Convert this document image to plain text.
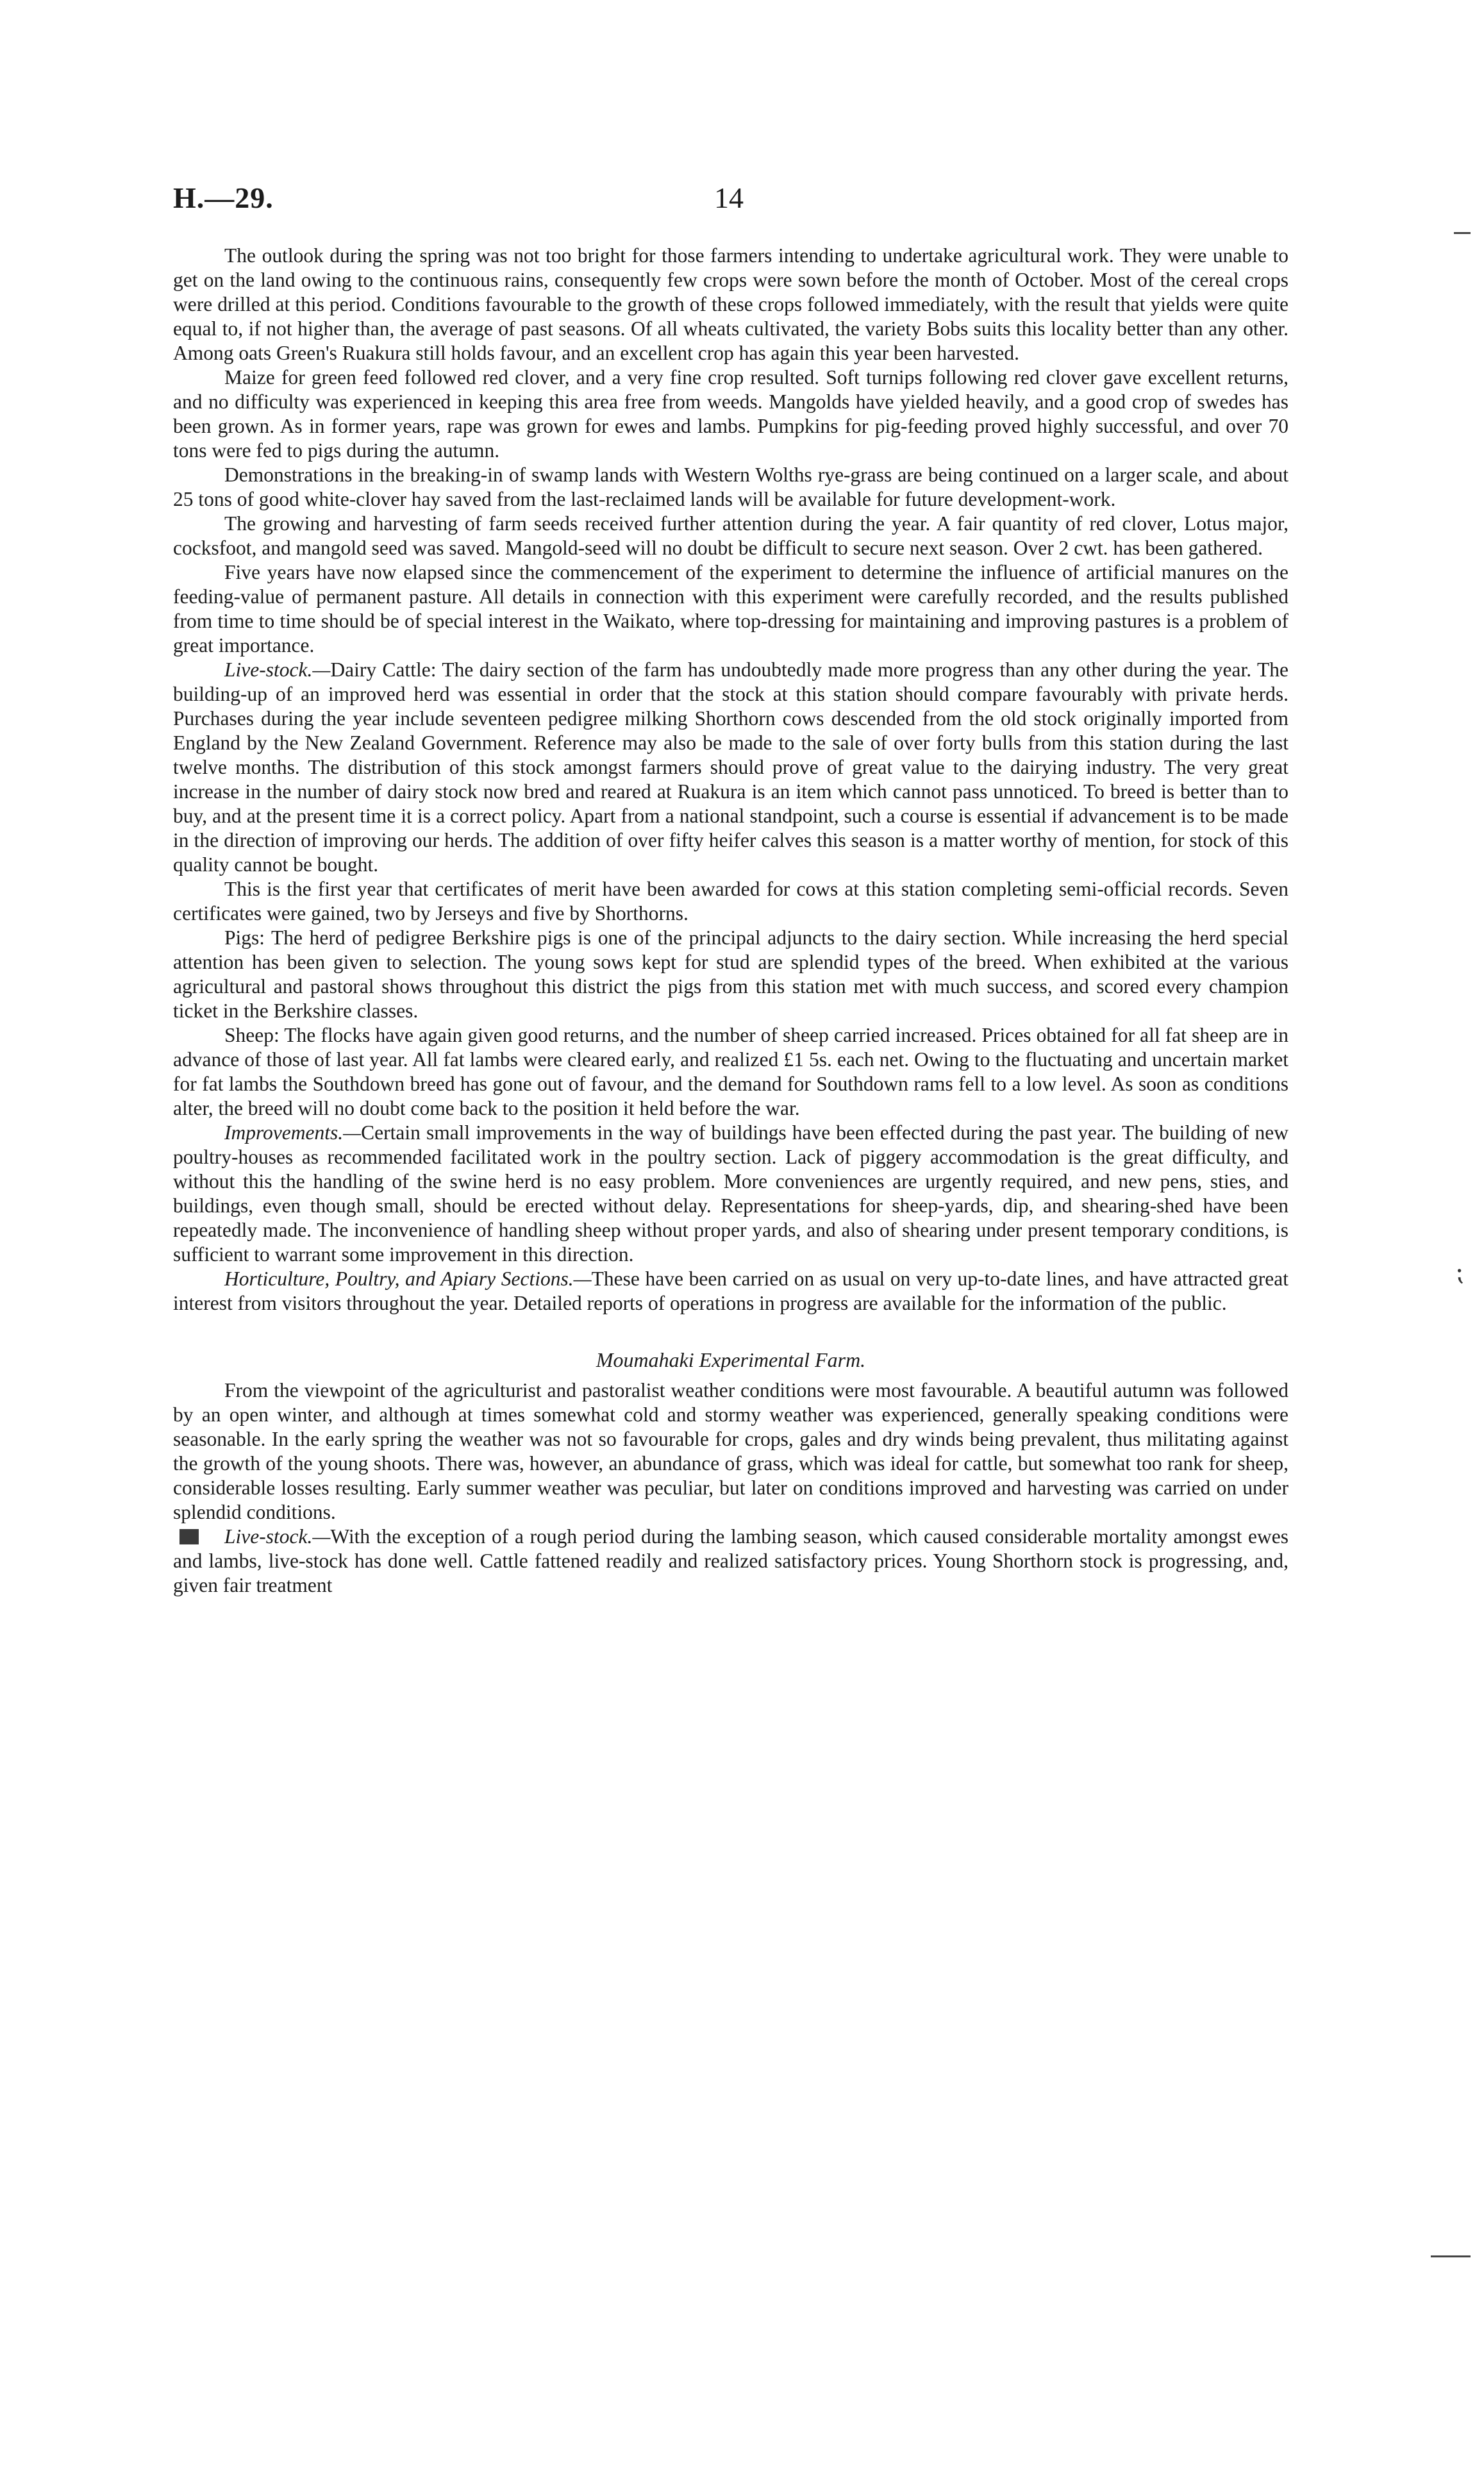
H.—29.	14

The outlook during the spring was not too bright for those farmers intending to undertake agricultural work. They were unable to get on the land owing to the continuous rains, consequently few crops were sown before the month of October. Most of the cereal crops were drilled at this period. Conditions favourable to the growth of these crops followed immediately, with the result that yields were quite equal to, if not higher than, the average of past seasons. Of all wheats cultivated, the variety Bobs suits this locality better than any other. Among oats Green's Ruakura still holds favour, and an excellent crop has again this year been harvested.

Maize for green feed followed red clover, and a very fine crop resulted. Soft turnips following red clover gave excellent returns, and no difficulty was experienced in keeping this area free from weeds. Mangolds have yielded heavily, and a good crop of swedes has been grown. As in former years, rape was grown for ewes and lambs. Pumpkins for pig-feeding proved highly successful, and over 70 tons were fed to pigs during the autumn.

Demonstrations in the breaking-in of swamp lands with Western Wolths rye-grass are being continued on a larger scale, and about 25 tons of good white-clover hay saved from the last-reclaimed lands will be available for future development-work.

The growing and harvesting of farm seeds received further attention during the year. A fair quantity of red clover, Lotus major, cocksfoot, and mangold seed was saved. Mangold-seed will no doubt be difficult to secure next season. Over 2 cwt. has been gathered.

Five years have now elapsed since the commencement of the experiment to determine the influence of artificial manures on the feeding-value of permanent pasture. All details in connection with this experiment were carefully recorded, and the results published from time to time should be of special interest in the Waikato, where top-dressing for maintaining and improving pastures is a problem of great importance.

Live-stock.—Dairy Cattle: The dairy section of the farm has undoubtedly made more progress than any other during the year. The building-up of an improved herd was essential in order that the stock at this station should compare favourably with private herds. Purchases during the year include seventeen pedigree milking Shorthorn cows descended from the old stock originally imported from England by the New Zealand Government. Reference may also be made to the sale of over forty bulls from this station during the last twelve months. The distribution of this stock amongst farmers should prove of great value to the dairying industry. The very great increase in the number of dairy stock now bred and reared at Ruakura is an item which cannot pass unnoticed. To breed is better than to buy, and at the present time it is a correct policy. Apart from a national standpoint, such a course is essential if advancement is to be made in the direction of improving our herds. The addition of over fifty heifer calves this season is a matter worthy of mention, for stock of this quality cannot be bought.

This is the first year that certificates of merit have been awarded for cows at this station completing semi-official records. Seven certificates were gained, two by Jerseys and five by Shorthorns.

Pigs: The herd of pedigree Berkshire pigs is one of the principal adjuncts to the dairy section. While increasing the herd special attention has been given to selection. The young sows kept for stud are splendid types of the breed. When exhibited at the various agricultural and pastoral shows throughout this district the pigs from this station met with much success, and scored every champion ticket in the Berkshire classes.

Sheep: The flocks have again given good returns, and the number of sheep carried increased. Prices obtained for all fat sheep are in advance of those of last year. All fat lambs were cleared early, and realized £1 5s. each net. Owing to the fluctuating and uncertain market for fat lambs the Southdown breed has gone out of favour, and the demand for Southdown rams fell to a low level. As soon as conditions alter, the breed will no doubt come back to the position it held before the war.

Improvements.—Certain small improvements in the way of buildings have been effected during the past year. The building of new poultry-houses as recommended facilitated work in the poultry section. Lack of piggery accommodation is the great difficulty, and without this the handling of the swine herd is no easy problem. More conveniences are urgently required, and new pens, sties, and buildings, even though small, should be erected without delay. Representations for sheep-yards, dip, and shearing-shed have been repeatedly made. The inconvenience of handling sheep without proper yards, and also of shearing under present temporary conditions, is sufficient to warrant some improvement in this direction.

Horticulture, Poultry, and Apiary Sections.—These have been carried on as usual on very up-to-date lines, and have attracted great interest from visitors throughout the year. Detailed reports of operations in progress are available for the information of the public.

Moumahaki Experimental Farm.

From the viewpoint of the agriculturist and pastoralist weather conditions were most favourable. A beautiful autumn was followed by an open winter, and although at times somewhat cold and stormy weather was experienced, generally speaking conditions were seasonable. In the early spring the weather was not so favourable for crops, gales and dry winds being prevalent, thus militating against the growth of the young shoots. There was, however, an abundance of grass, which was ideal for cattle, but somewhat too rank for sheep, considerable losses resulting. Early summer weather was peculiar, but later on conditions improved and harvesting was carried on under splendid conditions.

Live-stock.—With the exception of a rough period during the lambing season, which caused considerable mortality amongst ewes and lambs, live-stock has done well. Cattle fattened readily and realized satisfactory prices. Young Shorthorn stock is progressing, and, given fair treatment

⁏
